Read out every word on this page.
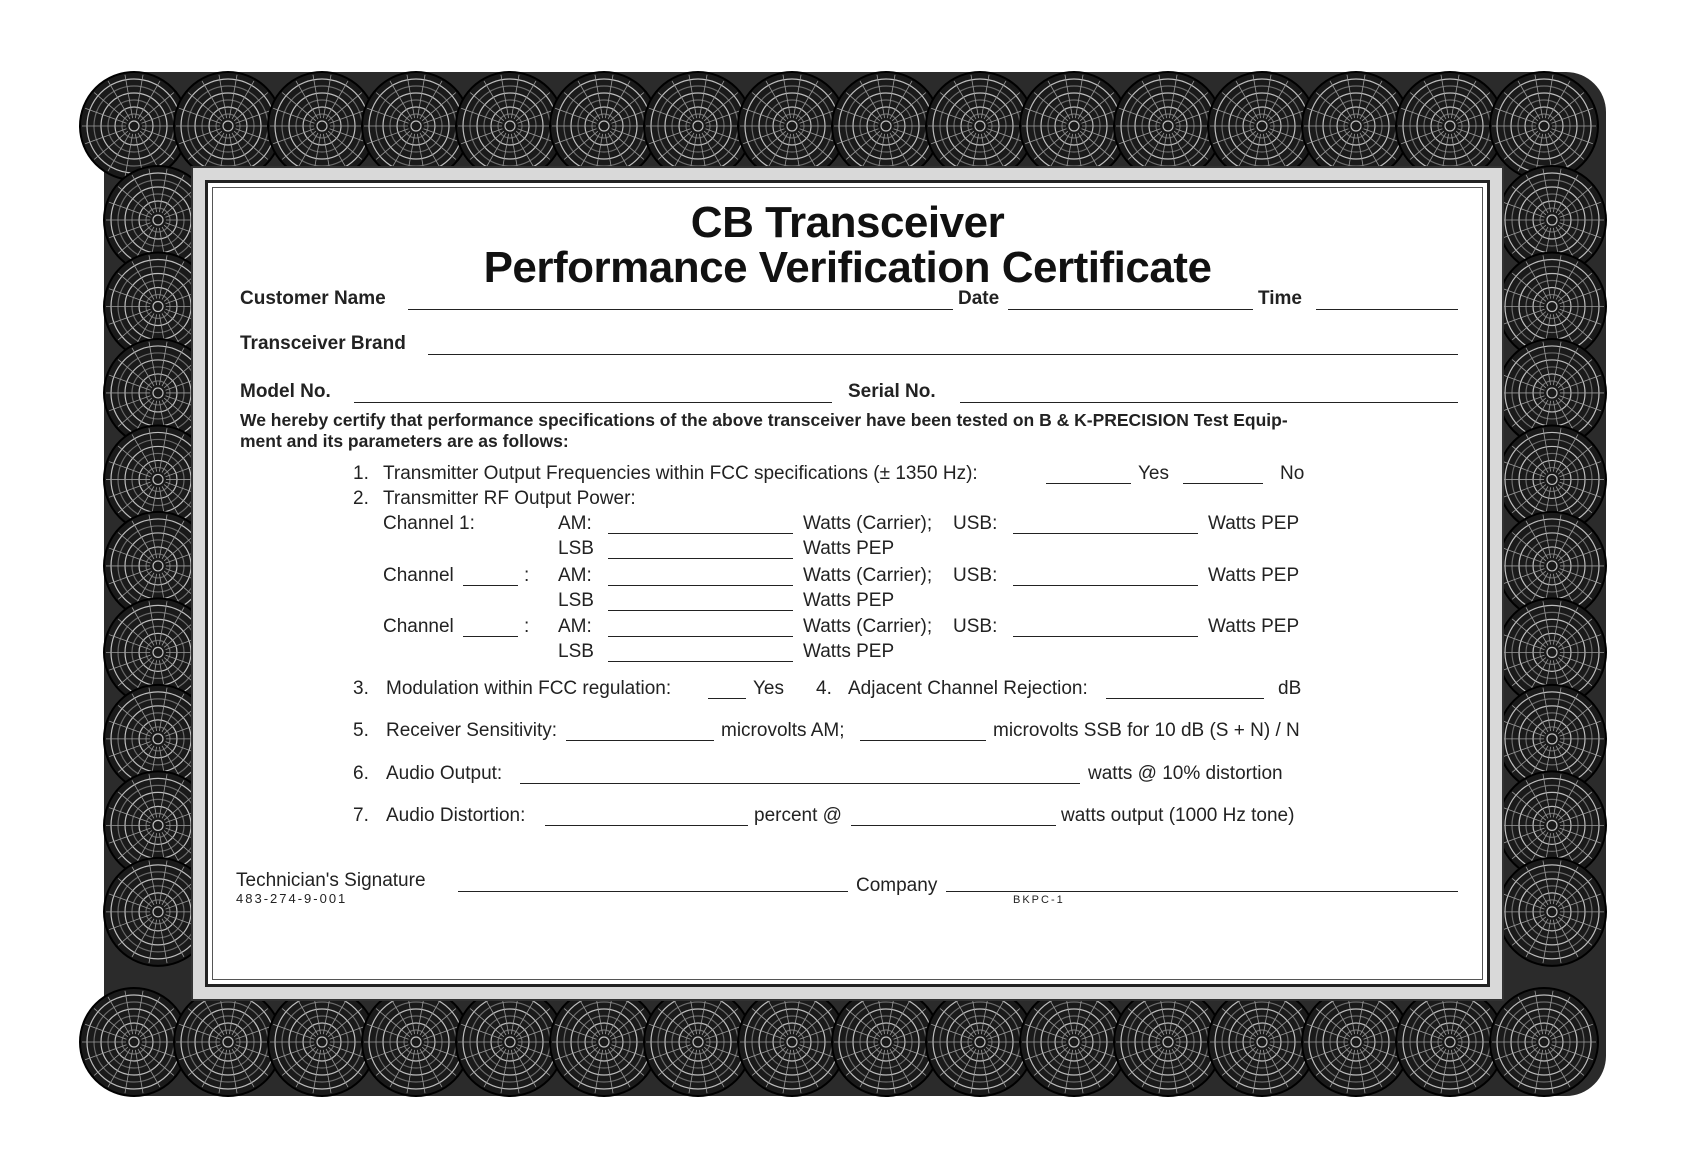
CB Transceiver
Performance Verification Certificate
Customer Name	Date	Time
Transceiver Brand
Model No.	Serial No.
We hereby certify that performance specifications of the above transceiver have been tested on B & K-PRECISION Test Equip-
ment and its parameters are as follows:
1. Transmitter Output Frequencies within FCC specifications (± 1350 Hz):	Yes	No
2. Transmitter RF Output Power:
Channel 1:	AM:	Watts (Carrier); USB:	Watts PEP
LSB	Watts PEP
Channel	: AM:	Watts (Carrier); USB:	Watts PEP
LSB	Watts PEP
Channel	: AM:	Watts (Carrier); USB:	Watts PEP
LSB	Watts PEP
3. Modulation within FCC regulation:	Yes 4. Adjacent Channel Rejection:	dB
5. Receiver Sensitivity:	microvolts AM;	microvolts SSB for 10 dB (S + N) / N
6. Audio Output:	watts @ 10% distortion
7. Audio Distortion:	percent @	watts output (1000 Hz tone)
Technician's Signature	Company
483-274-9-001	BKPC-1
